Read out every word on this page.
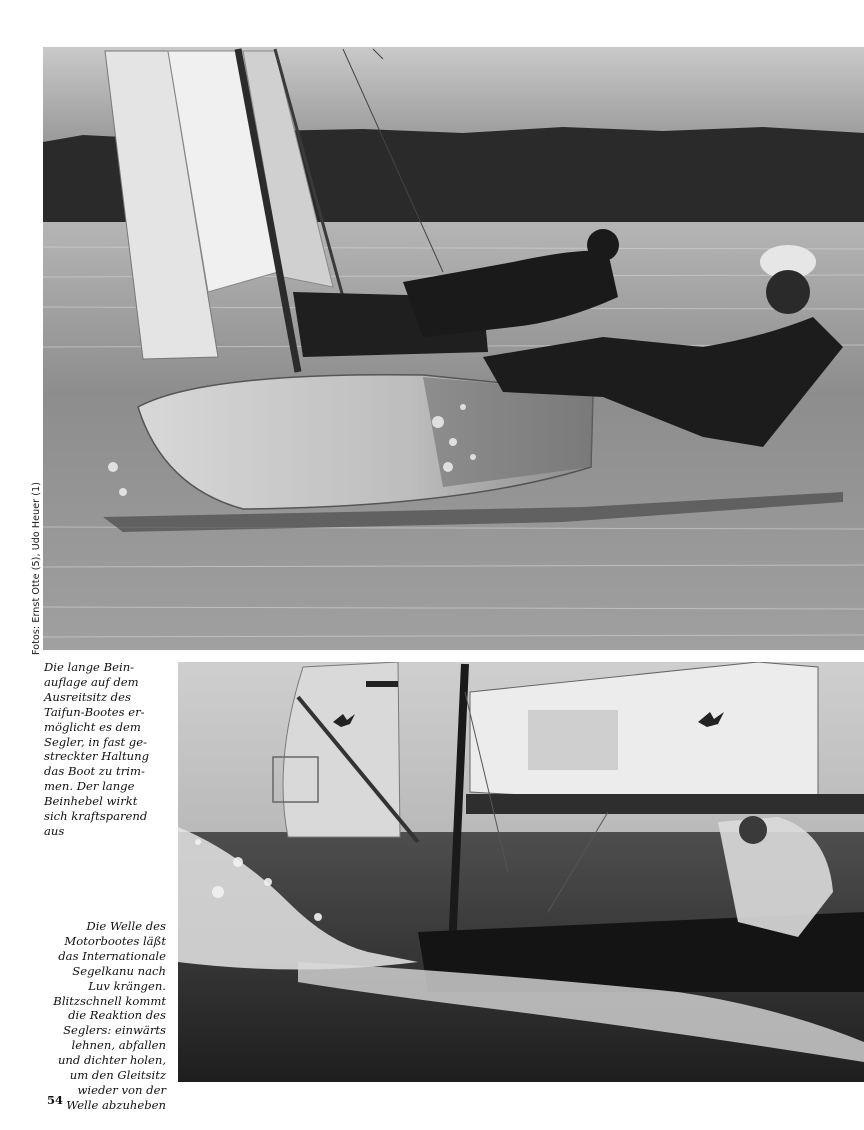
Fotos: Ernst Otte (5), Udo Heuer (1)
Die lange Bein-
auflage auf dem
Ausreitsitz des
Taifun-Bootes er-
möglicht es dem
Segler, in fast ge-
streckter Haltung
das Boot zu trim-
men. Der lange
Beinhebel wirkt
sich kraftsparend
aus
Die Welle des
Motorbootes läßt
das Internationale
Segelkanu nach
Luv krängen.
Blitzschnell kommt
die Reaktion des
Seglers: einwärts
lehnen, abfallen
und dichter holen,
um den Gleitsitz
wieder von der
Welle abzuheben
54
